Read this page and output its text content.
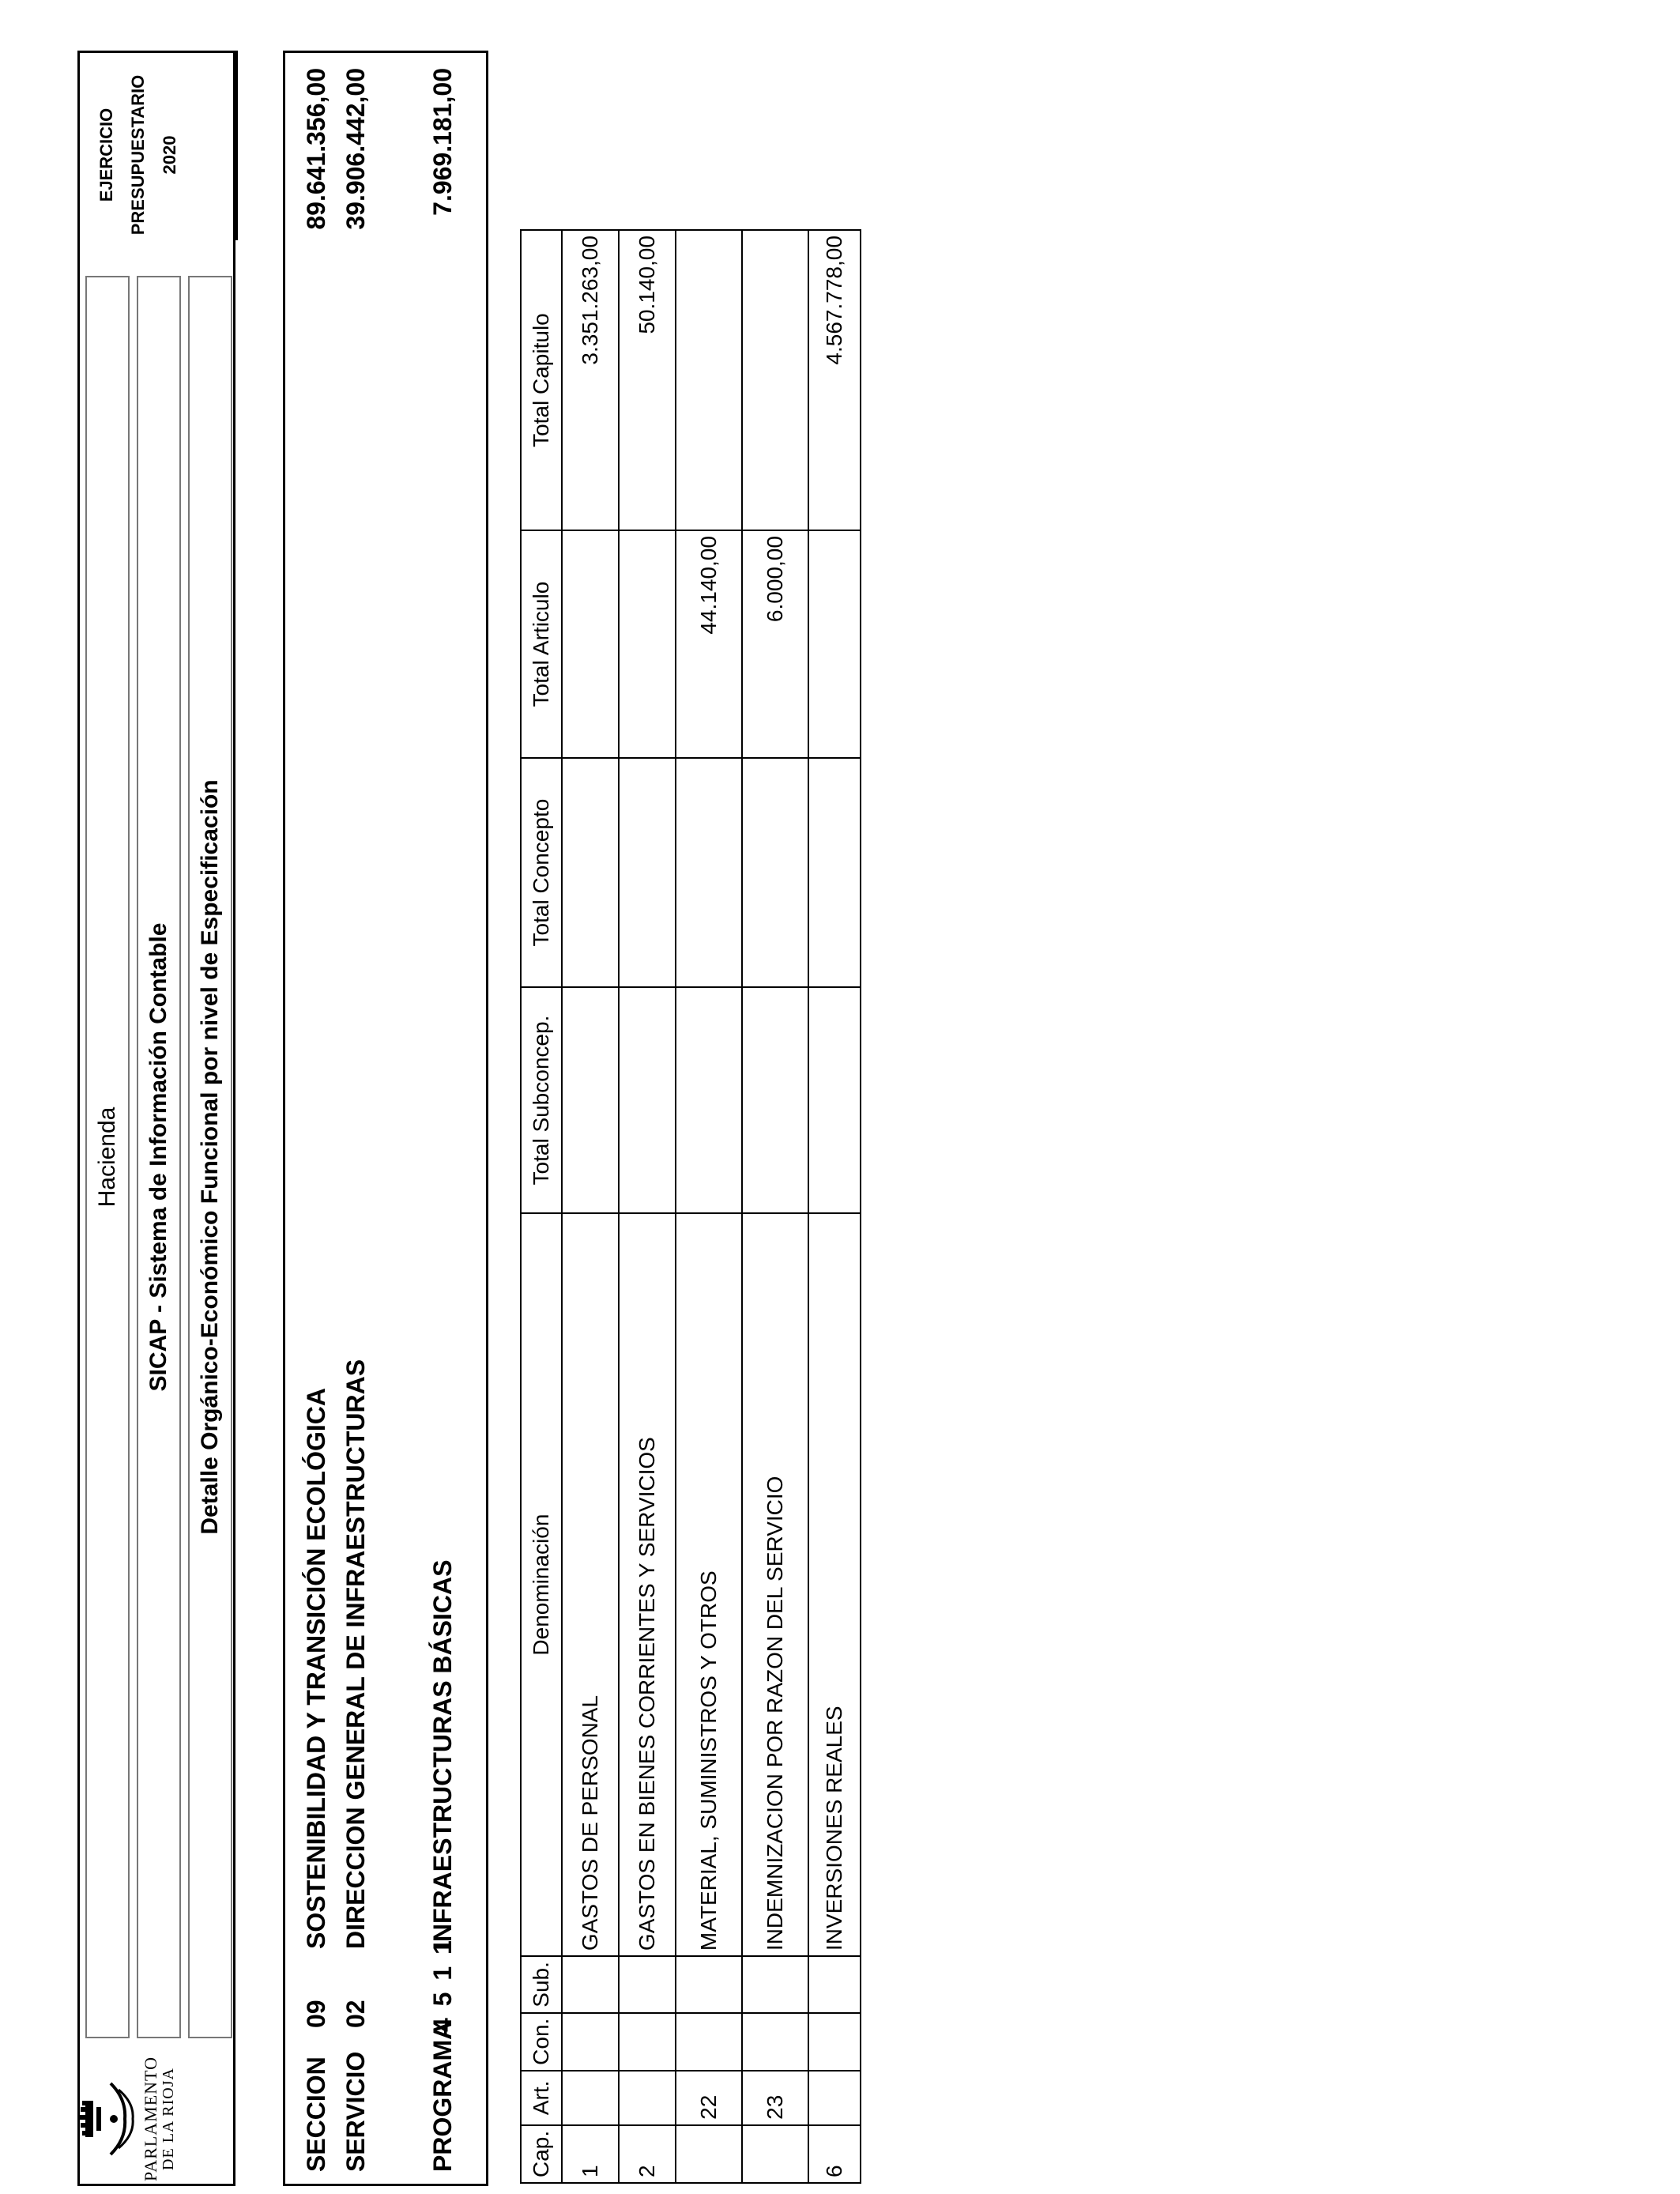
PARLAMENTO DE LA RIOJA
Hacienda	SICAP - Sistema de Información Contable	Detalle Orgánico-Económico Funcional por nivel de Especificación
EJERCICIO PRESUPUESTARIO 2020
SECCION
09
SOSTENIBILIDAD Y TRANSICIÓN ECOLÓGICA
89.641.356,00
SERVICIO
02
DIRECCION GENERAL DE INFRAESTRUCTURAS
39.906.442,00
PROGRAMA
4 5 1 1
INFRAESTRUCTURAS BÁSICAS
7.969.181,00
Cap.	Art.	Con.	Sub.	Denominación	Total Subconcep.	Total Concepto	Total Articulo	Total Capitulo
1				GASTOS DE PERSONAL				3.351.263,00
2				GASTOS EN BIENES CORRIENTES Y SERVICIOS				50.140,00
	22			MATERIAL, SUMINISTROS Y OTROS			44.140,00	
	23			INDEMNIZACION POR RAZON DEL SERVICIO			6.000,00	
6				INVERSIONES REALES				4.567.778,00
